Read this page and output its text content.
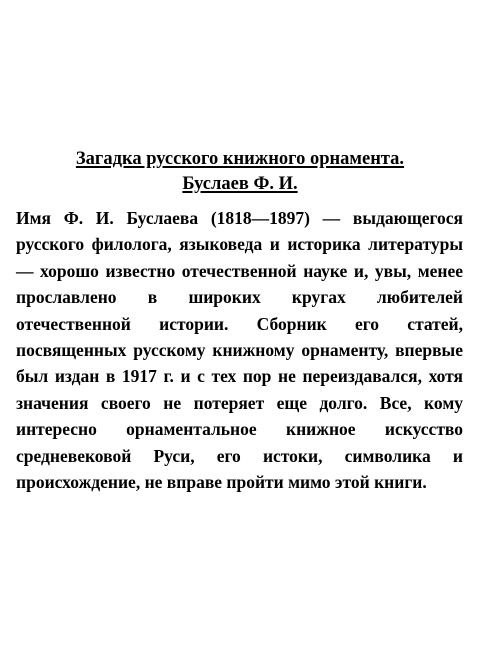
Загадка русского книжного орнамента.
Буслаев Ф. И.

Имя Ф. И. Буслаева (1818—1897) — выдающегося русского филолога, языковеда и историка литературы — хорошо известно отечественной науке и, увы, менее прославлено в широких кругах любителей отечественной истории. Сборник его статей, посвященных русскому книжному орнаменту, впервые был издан в 1917 г. и с тех пор не переиздавался, хотя значения своего не потеряет еще долго. Все, кому интересно орнаментальное книжное искусство средневековой Руси, его истоки, символика и происхождение, не вправе пройти мимо этой книги.
